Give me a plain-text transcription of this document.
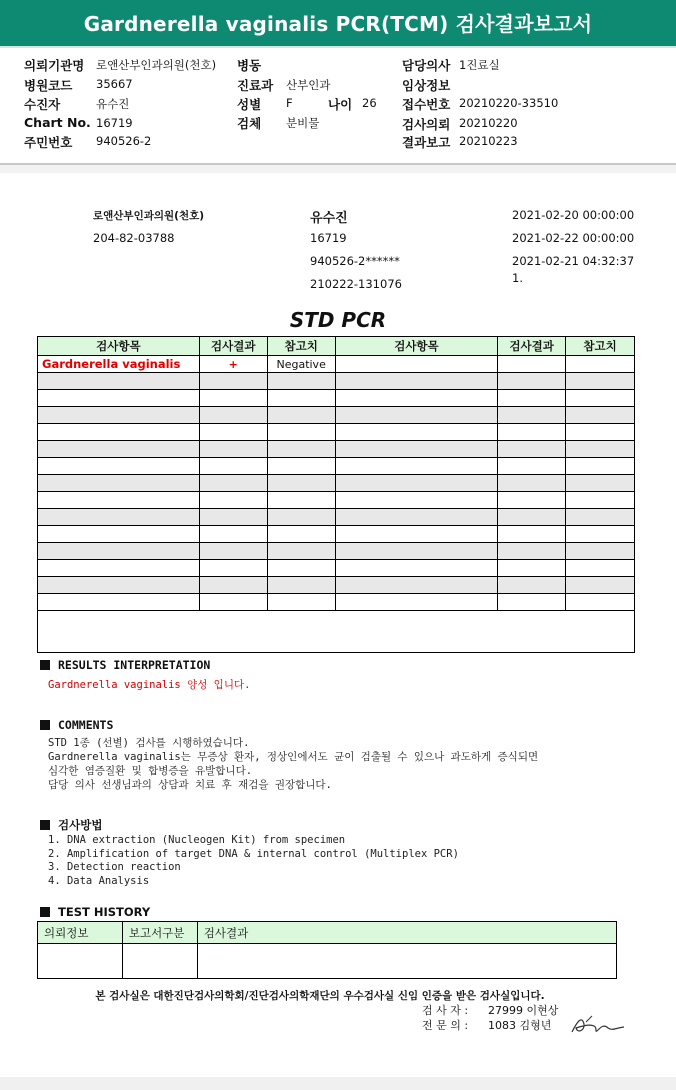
Gardnerella vaginalis PCR(TCM) 검사결과보고서
의뢰기관명 로앤산부인과의원(천호)
병원코드 35667
수진자	유수진
Chart No. 16719
주민번호 940526-2
병동
진료과 산부인과
성별 F	나이 26
검체 분비물
담당의사 1진료실
임상정보
접수번호 20210220-33510
검사의뢰 20210220
결과보고 20210223
로앤산부인과의원(천호)
204-82-03788
유수진
16719
940526-2******
210222-131076
2021-02-20 00:00:00
2021-02-22 00:00:00
2021-02-21 04:32:37
1.
STD PCR
검사항목	검사결과	참고치	검사항목	검사결과	참고치
Gardnerella vaginalis	+	Negative			

RESULTS INTERPRETATION
Gardnerella vaginalis 양성 입니다.
COMMENTS
STD 1종 (선별) 검사를 시행하였습니다.
Gardnerella vaginalis는 무증상 환자, 정상인에서도 균이 검출될 수 있으나 과도하게 증식되면
심각한 염증질환 및 합병증을 유발합니다.
담당 의사 선생님과의 상담과 치료 후 재검을 권장합니다.
검사방법
1. DNA extraction (Nucleogen Kit) from specimen
2. Amplification of target DNA & internal control (Multiplex PCR)
3. Detection reaction
4. Data Analysis
TEST HISTORY
의뢰정보	보고서구분	검사결과

본 검사실은 대한진단검사의학회/진단검사의학재단의 우수검사실 신임 인증을 받은 검사실입니다.
검 사 자 : 27999 이현상
전 문 의 : 1083 김형년
